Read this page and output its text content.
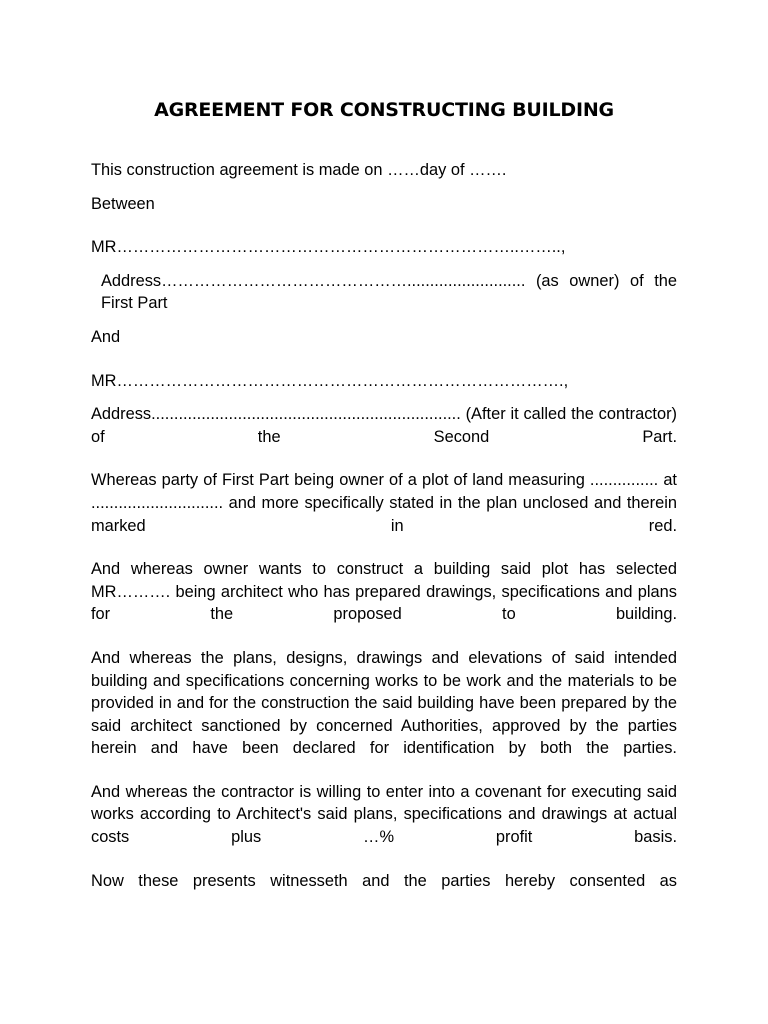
AGREEMENT FOR CONSTRUCTING BUILDING

This construction agreement is made on ……day of …….

Between

MR………………………………………………………………..……..,

Address……………………………………….......................... (as owner) of the First Part

And

MR……………………………………………………………………….,

Address.................................................................... (After it called the contractor) of the Second Part.

Whereas party of First Part being owner of a plot of land measuring ............... at ............................. and more specifically stated in the plan unclosed and therein marked in red.

And whereas owner wants to construct a building said plot has selected MR………. being architect who has prepared drawings, specifications and plans for the proposed to building.

And whereas the plans, designs, drawings and elevations of said intended building and specifications concerning works to be work and the materials to be provided in and for the construction the said building have been prepared by the said architect sanctioned by concerned Authorities, approved by the parties herein and have been declared for identification by both the parties.

And whereas the contractor is willing to enter into a covenant for executing said works according to Architect's said plans, specifications and drawings at actual costs plus …% profit basis.

Now these presents witnesseth and the parties hereby consented as
